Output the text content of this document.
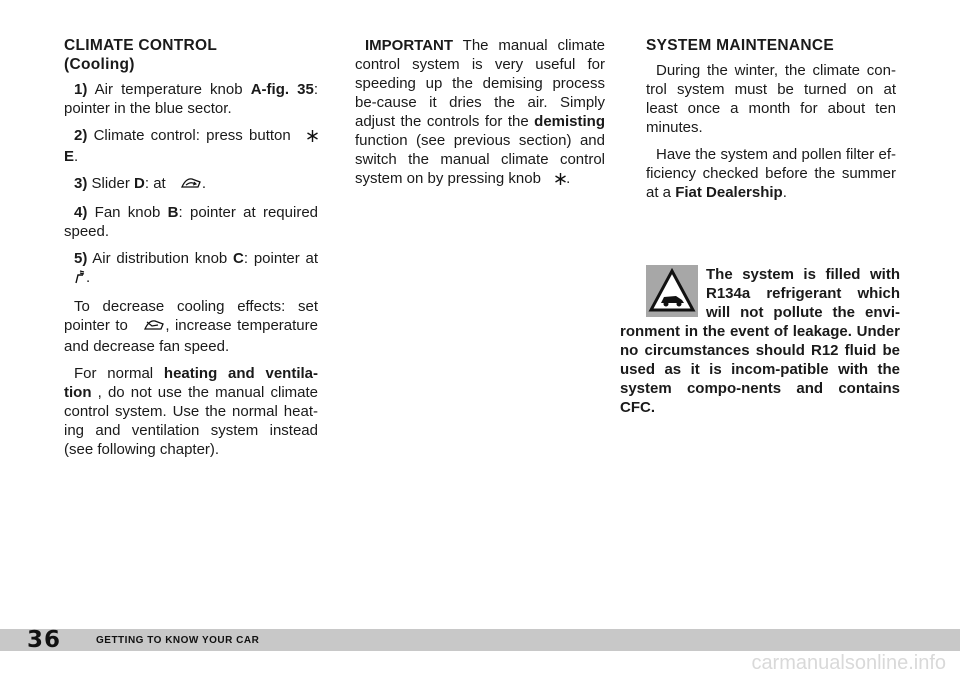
CLIMATE CONTROL
(Cooling)

1) Air temperature knob A-fig. 35: pointer in the blue sector.

2) Climate control: press button  E.

3) Slider D: at .

4) Fan knob B: pointer at required speed.

5) Air distribution knob C: pointer at .

To decrease cooling effects: set pointer to , increase temperature and decrease fan speed.

For normal heating and ventila-tion , do not use the manual climate control system. Use the normal heat-ing and ventilation system instead (see following chapter).

IMPORTANT The manual climate control system is very useful for speeding up the demising process be-cause it dries the air. Simply adjust the controls for the demisting function (see previous section) and switch the manual climate control system on by pressing knob .

SYSTEM MAINTENANCE

During the winter, the climate con-trol system must be turned on at least once a month for about ten minutes.

Have the system and pollen filter ef-ficiency checked before the summer at a Fiat Dealership.

The system is filled with R134a refrigerant which will not pollute the envi-ronment in the event of leakage. Under no circumstances should R12 fluid be used as it is incom-patible with the system compo-nents and contains CFC.
36	GETTING TO KNOW YOUR CAR
carmanualsonline.info
